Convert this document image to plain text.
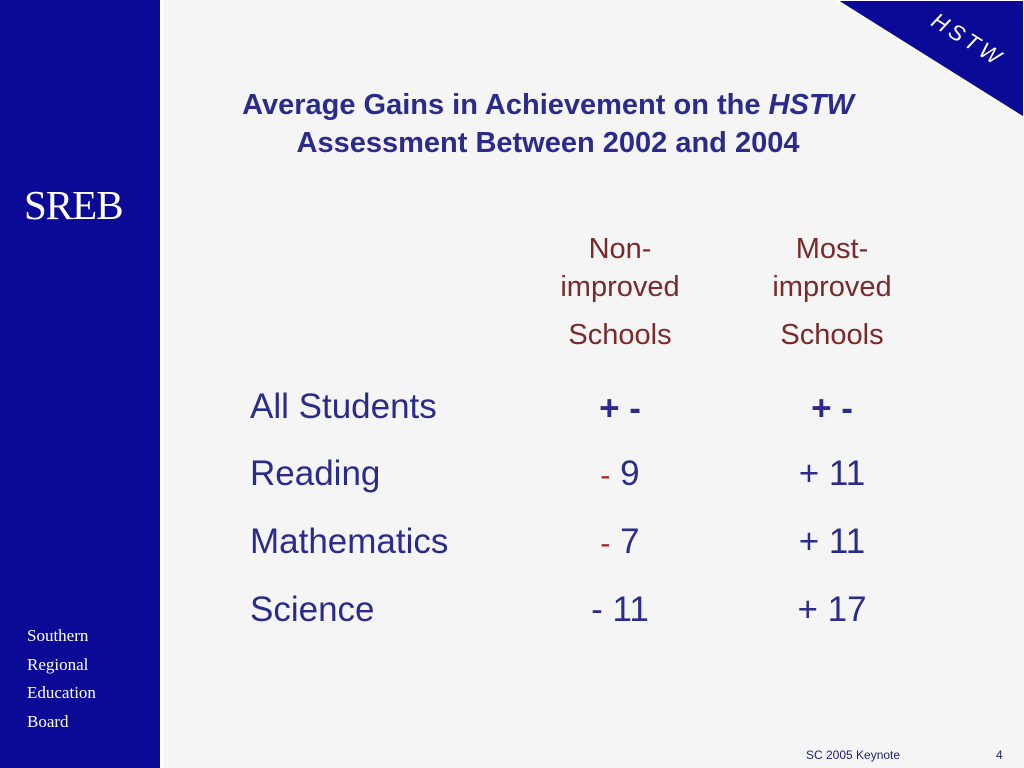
SREB
Southern
Regional
Education
Board
HSTW
Average Gains in Achievement on the HSTW
Assessment Between 2002 and 2004
Non-
improved
Schools
Most-
improved
Schools
All Students	+ -	+ -
Reading	- 9	+ 11
Mathematics	- 7	+ 11
Science	- 11	+ 17
SC 2005 Keynote	4
